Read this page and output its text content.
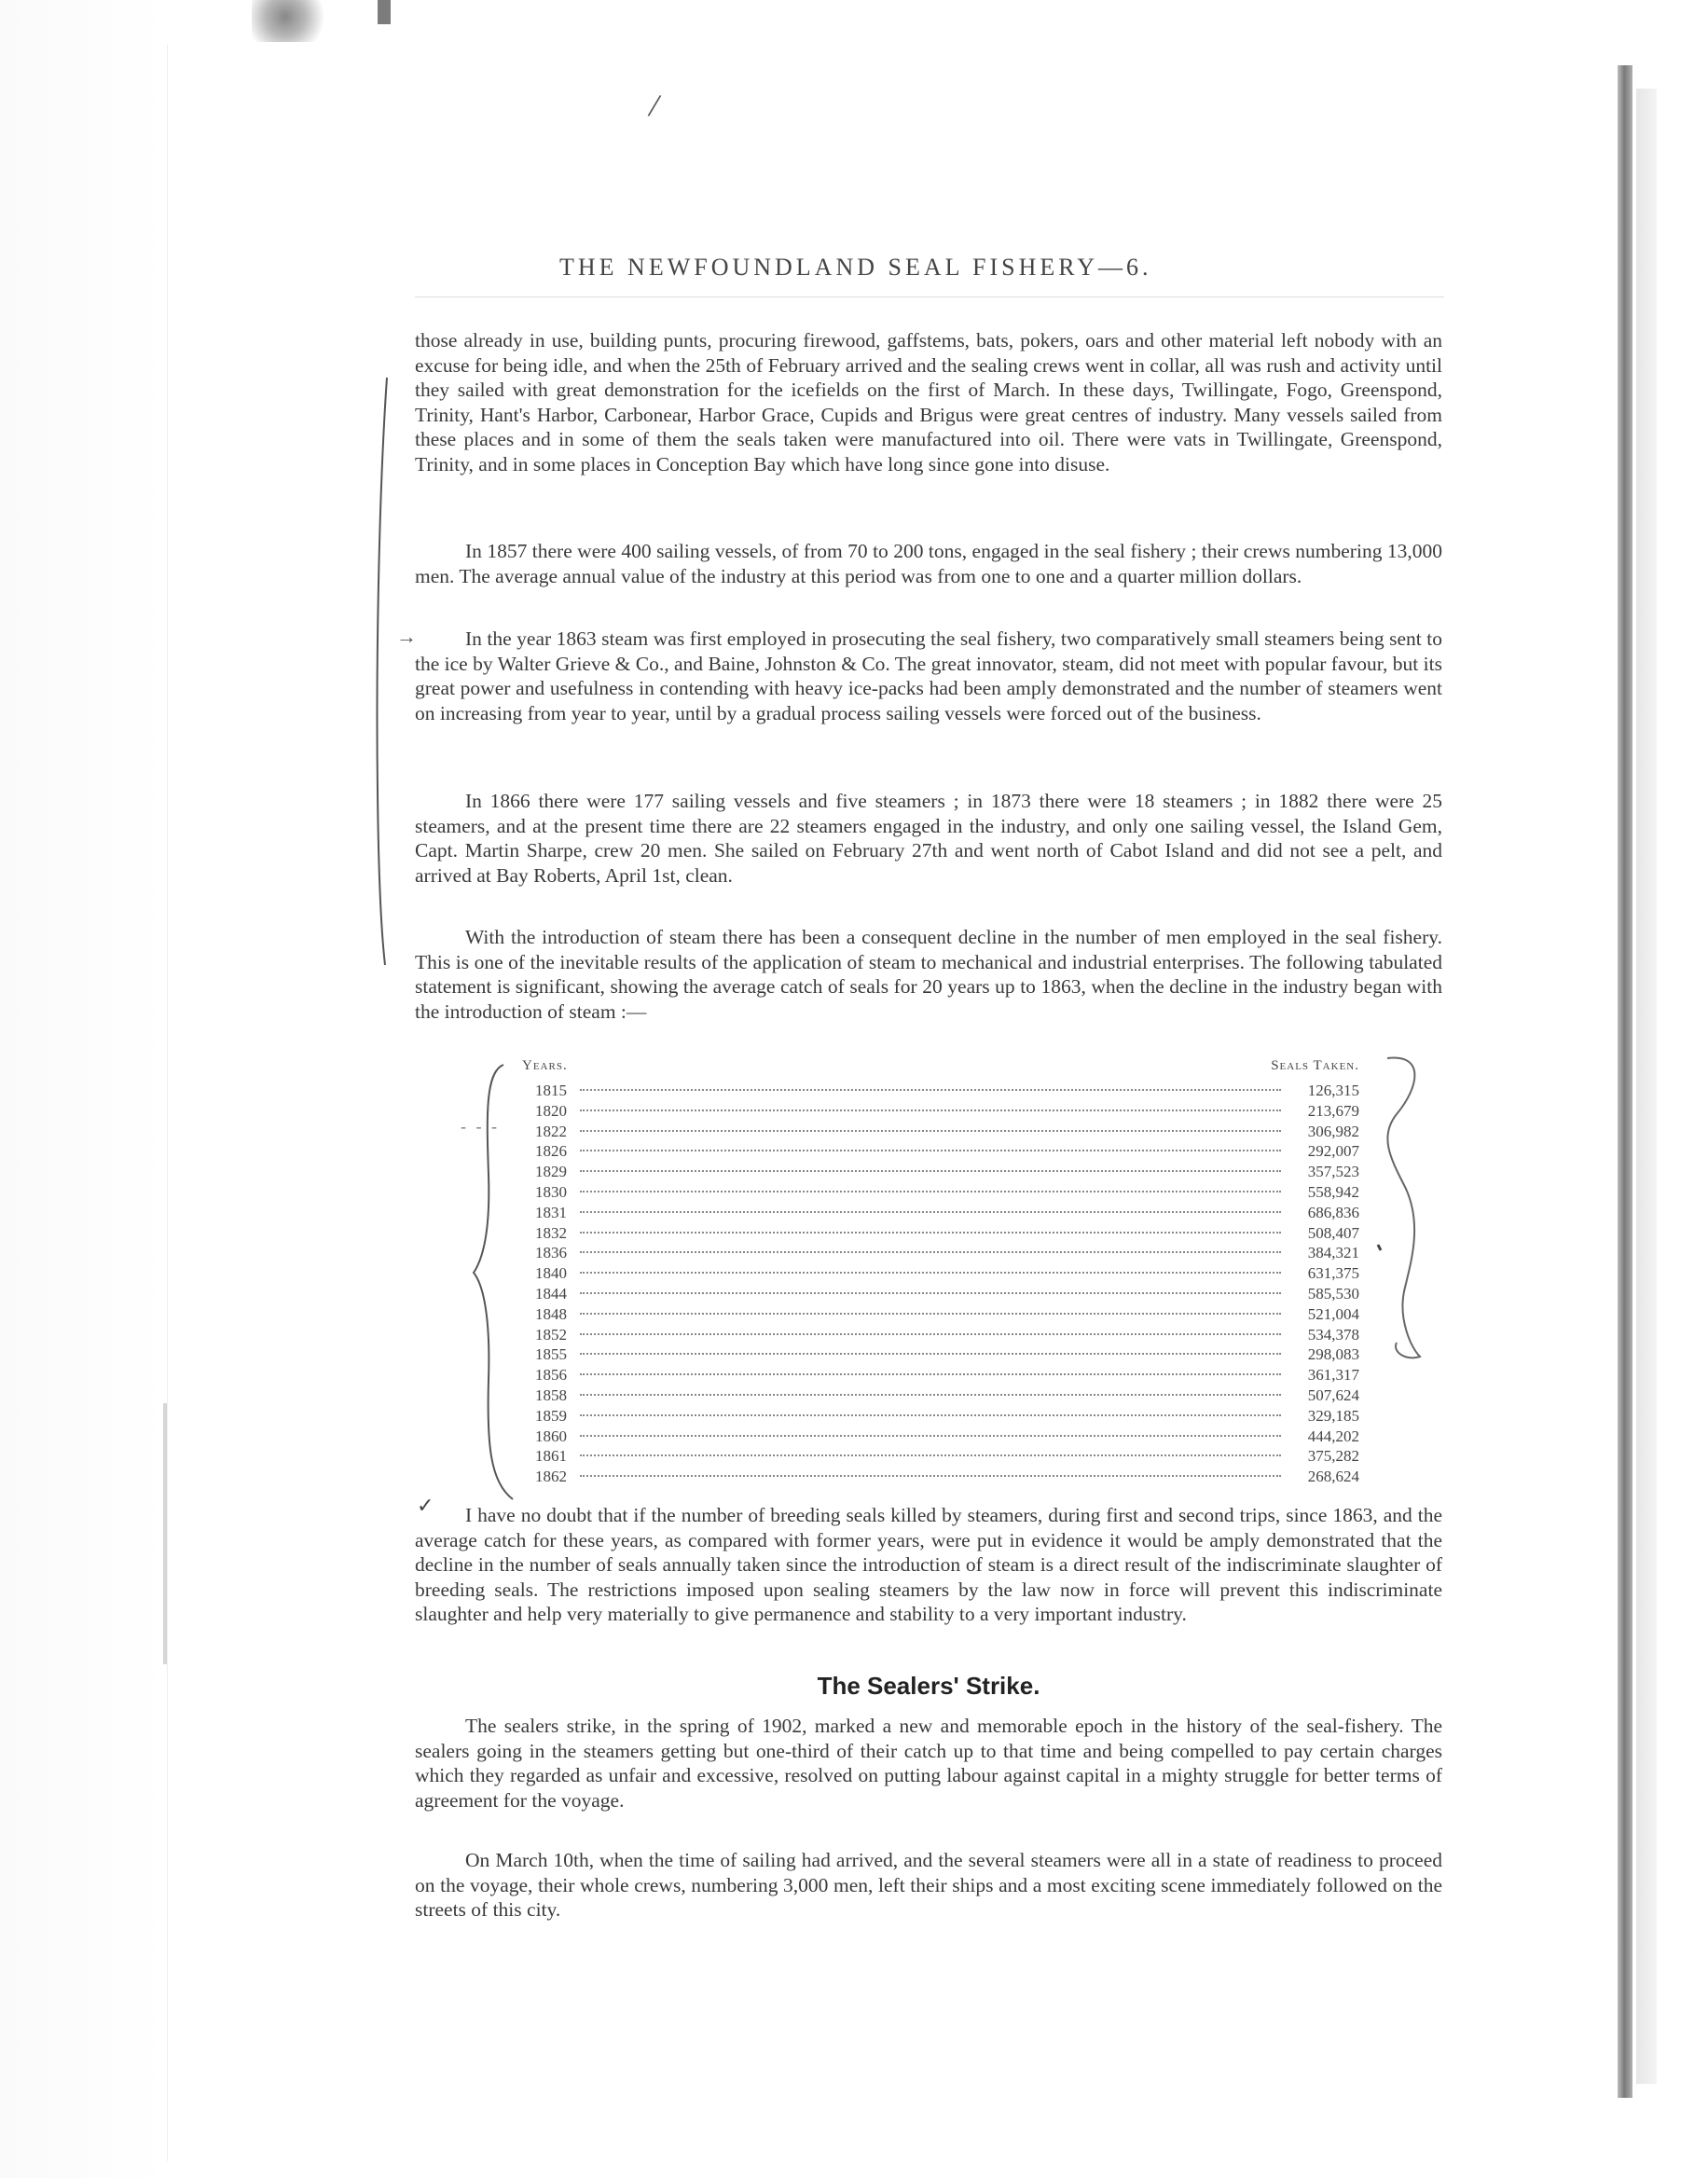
/
THE NEWFOUNDLAND SEAL FISHERY—6.
→

those already in use, building punts, procuring firewood, gaffstems, bats, pokers, oars and other material left nobody with an excuse for being idle, and when the 25th of February arrived and the sealing crews went in collar, all was rush and activity until they sailed with great demonstration for the icefields on the first of March. In these days, Twillingate, Fogo, Greenspond, Trinity, Hant's Harbor, Carbonear, Harbor Grace, Cupids and Brigus were great centres of industry. Many vessels sailed from these places and in some of them the seals taken were manufactured into oil. There were vats in Twillingate, Greenspond, Trinity, and in some places in Conception Bay which have long since gone into disuse.

In 1857 there were 400 sailing vessels, of from 70 to 200 tons, engaged in the seal fishery ; their crews numbering 13,000 men. The average annual value of the industry at this period was from one to one and a quarter million dollars.

In the year 1863 steam was first employed in prosecuting the seal fishery, two comparatively small steamers being sent to the ice by Walter Grieve & Co., and Baine, Johnston & Co. The great innovator, steam, did not meet with popular favour, but its great power and usefulness in contending with heavy ice-packs had been amply demonstrated and the number of steamers went on increasing from year to year, until by a gradual process sailing vessels were forced out of the business.

In 1866 there were 177 sailing vessels and five steamers ; in 1873 there were 18 steamers ; in 1882 there were 25 steamers, and at the present time there are 22 steamers engaged in the industry, and only one sailing vessel, the Island Gem, Capt. Martin Sharpe, crew 20 men. She sailed on February 27th and went north of Cabot Island and did not see a pelt, and arrived at Bay Roberts, April 1st, clean.

With the introduction of steam there has been a consequent decline in the number of men employed in the seal fishery. This is one of the inevitable results of the application of steam to mechanical and industrial enterprises. The following tabulated statement is significant, showing the average catch of seals for 20 years up to 1863, when the decline in the industry began with the introduction of steam :—

- - -
Years.	Seals Taken.
1815	126,315
1820	213,679
1822	306,982
1826	292,007
1829	357,523
1830	558,942
1831	686,836
1832	508,407
1836	384,321
1840	631,375
1844	585,530
1848	521,004
1852	534,378
1855	298,083
1856	361,317
1858	507,624
1859	329,185
1860	444,202
1861	375,282
1862	268,624
✓	I have no doubt that if the number of breeding seals killed by steamers, during first and second trips, since 1863, and the average catch for these years, as compared with former years, were put in evidence it would be amply demonstrated that the decline in the number of seals annually taken since the introduction of steam is a direct result of the indiscriminate slaughter of breeding seals. The restrictions imposed upon sealing steamers by the law now in force will prevent this indiscriminate slaughter and help very materially to give permanence and stability to a very important industry.

The Sealers' Strike.

The sealers strike, in the spring of 1902, marked a new and memorable epoch in the history of the seal-fishery. The sealers going in the steamers getting but one-third of their catch up to that time and being compelled to pay certain charges which they regarded as unfair and excessive, resolved on putting labour against capital in a mighty struggle for better terms of agreement for the voyage.

On March 10th, when the time of sailing had arrived, and the several steamers were all in a state of readiness to proceed on the voyage, their whole crews, numbering 3,000 men, left their ships and a most exciting scene immediately followed on the streets of this city.
